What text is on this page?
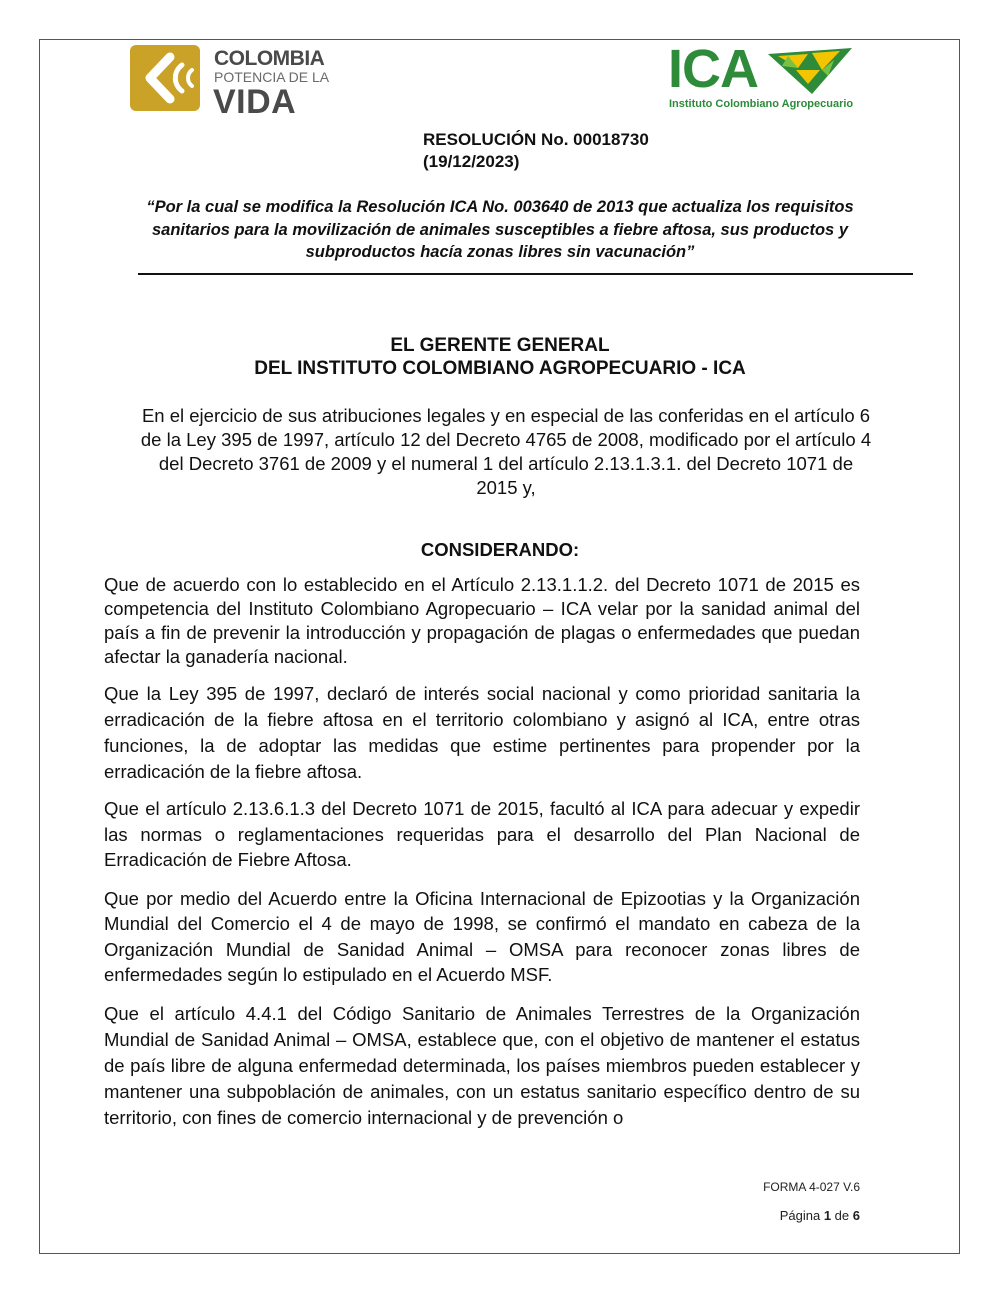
COLOMBIA
POTENCIA DE LA
VIDA
ICA
Instituto Colombiano Agropecuario
RESOLUCIÓN No. 00018730
(19/12/2023)
“Por la cual se modifica la Resolución ICA No. 003640 de 2013 que actualiza los requisitos sanitarios para la movilización de animales susceptibles a fiebre aftosa, sus productos y subproductos hacía zonas libres sin vacunación”
EL GERENTE GENERAL
DEL INSTITUTO COLOMBIANO AGROPECUARIO - ICA
En el ejercicio de sus atribuciones legales y en especial de las conferidas en el artículo 6 de la Ley 395 de 1997, artículo 12 del Decreto 4765 de 2008, modificado por el artículo 4 del Decreto 3761 de 2009 y el numeral 1 del artículo 2.13.1.3.1. del Decreto 1071 de 2015 y,
CONSIDERANDO:

Que de acuerdo con lo establecido en el Artículo 2.13.1.1.2. del Decreto 1071 de 2015 es competencia del Instituto Colombiano Agropecuario – ICA velar por la sanidad animal del país a fin de prevenir la introducción y propagación de plagas o enfermedades que puedan afectar la ganadería nacional.

Que la Ley 395 de 1997, declaró de interés social nacional y como prioridad sanitaria la erradicación de la fiebre aftosa en el territorio colombiano y asignó al ICA, entre otras funciones, la de adoptar las medidas que estime pertinentes para propender por la erradicación de la fiebre aftosa.

Que el artículo 2.13.6.1.3 del Decreto 1071 de 2015, facultó al ICA para adecuar y expedir las normas o reglamentaciones requeridas para el desarrollo del Plan Nacional de Erradicación de Fiebre Aftosa.

Que por medio del Acuerdo entre la Oficina Internacional de Epizootias y la Organización Mundial del Comercio el 4 de mayo de 1998, se confirmó el mandato en cabeza de la Organización Mundial de Sanidad Animal – OMSA para reconocer zonas libres de enfermedades según lo estipulado en el Acuerdo MSF.

Que el artículo 4.4.1 del Código Sanitario de Animales Terrestres de la Organización Mundial de Sanidad Animal – OMSA, establece que, con el objetivo de mantener el estatus de país libre de alguna enfermedad determinada, los países miembros pueden establecer y mantener una subpoblación de animales, con un estatus sanitario específico dentro de su territorio, con fines de comercio internacional y de prevención o

FORMA 4-027 V.6
Página 1 de 6
